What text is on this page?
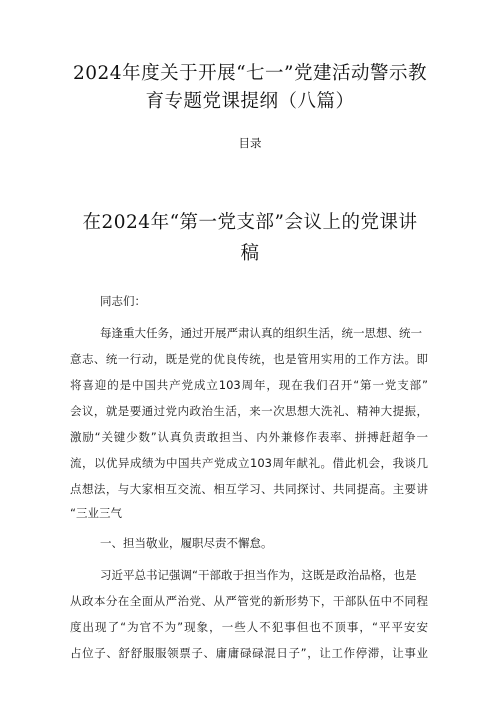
2024年度关于开展“七一”党建活动警示教
育专题党课提纲（八篇）
目录
在2024年“第一党支部”会议上的党课讲
稿
同志们：
每逢重大任务，通过开展严肃认真的组织生活，统一思想、统一
意志、统一行动，既是党的优良传统，也是管用实用的工作方法。即
将喜迎的是中国共产党成立103周年，现在我们召开“第一党支部”
会议，就是要通过党内政治生活，来一次思想大洗礼、精神大提振，
激励“关键少数”认真负责敢担当、内外兼修作表率、拼搏赶超争一
流，以优异成绩为中国共产党成立103周年献礼。借此机会，我谈几
点想法，与大家相互交流、相互学习、共同探讨、共同提高。主要讲
“三业三气
一、担当敬业，履职尽责不懈怠。
习近平总书记强调“干部敢于担当作为，这既是政治品格，也是
从政本分在全面从严治党、从严管党的新形势下，干部队伍中不同程
度出现了“为官不为”现象，一些人不犯事但也不顶事，“平平安安
占位子、舒舒服服领票子、庸庸碌碌混日子”，让工作停滞，让事业
